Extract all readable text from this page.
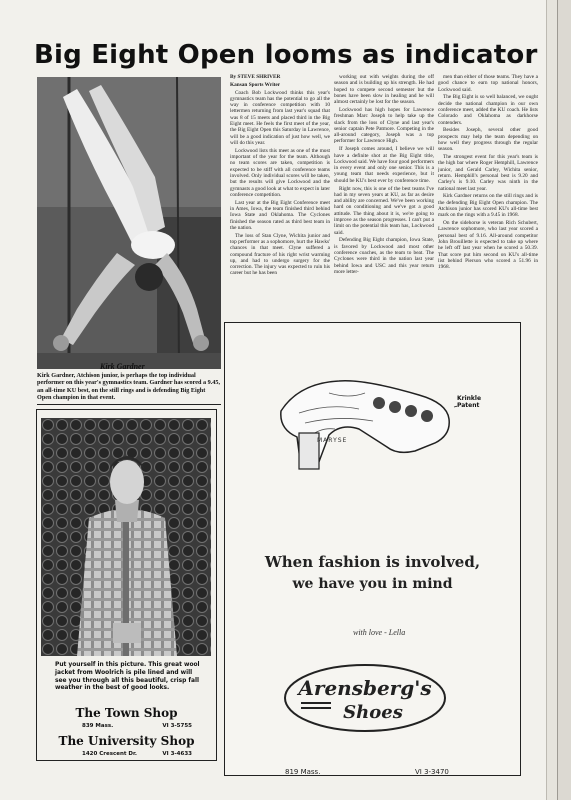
Big Eight Open looms as indicator
Kirk Gardner

Kirk Gardner, Atchison junior, is perhaps the top individual performer on this year's gymnastics team. Gardner has scored a 9.45, an all-time KU best, on the still rings and is defending Big Eight Open champion in that event.

By STEVE SHRIVER

Kansan Sports Writer

Coach Bob Lockwood thinks this year's gymnastics team has the potential to go all the way in conference competition with 10 lettermen returning from last year's squad that was 8 of 15 meets and placed third in the Big Eight meet. He feels the first meet of the year, the Big Eight Open this Saturday in Lawrence, will be a good indication of just how well, we will do this year.

Lockwood lists this meet as one of the most important of the year for the team. Although no team scores are taken, competition is expected to be stiff with all conference teams involved. Only individual scores will be taken, but the results will give Lockwood and the gymnasts a good look at what to expect in later conference competition.

Last year at the Big Eight Conference meet in Ames, Iowa, the team finished third behind Iowa State and Oklahoma. The Cyclones finished the season rated as third best team in the nation.

The loss of Stan Clyne, Wichita junior and top performer as a sophomore, hurt the Hawks' chances in that meet. Clyne suffered a compound fracture of his right wrist warming up, and had to undergo surgery for the correction. The injury was expected to ruin his career but he has been

working out with weights during the off season and is building up his strength. He had hoped to compete second semester but the bones have been slow in healing and he will almost certainly be lost for the season.

Lockwood has high hopes for Lawrence freshman Marc Joseph to help take up the slack from the loss of Clyne and last year's senior captain Pete Patmore. Competing in the all-around category, Joseph was a top performer for Lawrence High.

If Joseph comes around, I believe we will have a definite shot at the Big Eight title, Lockwood said. We have four good performers in every event and only one senior. This is a young team that needs experience, but it should be KU's best ever by conference time.

Right now, this is one of the best teams I've had in my seven years at KU, as far as desire and ability are concerned. We've been working hard on conditioning and we've got a good attitude. The thing about it is, we're going to improve as the season progresses. I can't put a limit on the potential this team has, Lockwood said.

Defending Big Eight champion, Iowa State, is favored by Lockwood and most other conference coaches, as the team to beat. The Cyclones were third in the nation last year behind Iowa and USC and this year return more letter-

men than either of those teams. They have a good chance to earn top national honors, Lockwood said.

The Big Eight is so well balanced, we ought decide the national champion in our own conference meet, added the KU coach. He lists Colorado and Oklahoma as darkhorse contenders.

Besides Joseph, several other good prospects may help the team depending on how well they progress through the regular season.

The strongest event for this year's team is the high bar where Roger Hemphill, Lawrence junior, and Gerald Carley, Wichita senior, return. Hemphill's personal best is 9.20 and Carley's is 9.10. Carley was ninth in the national meet last year.

Kirk Gardner returns on the still rings and is the defending Big Eight Open champion. The Atchison junior has scored KU's all-time best mark on the rings with a 9.45 in 1968.

On the sidehorse is veteran Rich Schubert, Lawrence sophomore, who last year scored a personal best of 9.16. All-around competitor John Brouillette is expected to take up where he left off last year when he scored a 50.39. That score put him second on KU's all-time list behind Pierson who scored a 51.96 in 1968.

Put yourself in this picture. This great wool jacket from Woolrich is pile lined and will see you through all this beautiful, crisp fall weather in the best of good looks.

The Town Shop
839 Mass.	VI 3-5755
The University Shop
1420 Crescent Dr.	VI 3-4633
Krinkle
Patent
MARYSE
When fashion is involved,
we have you in mind
with love - Lella
Arensberg's
Shoes
819 Mass.	VI 3-3470
